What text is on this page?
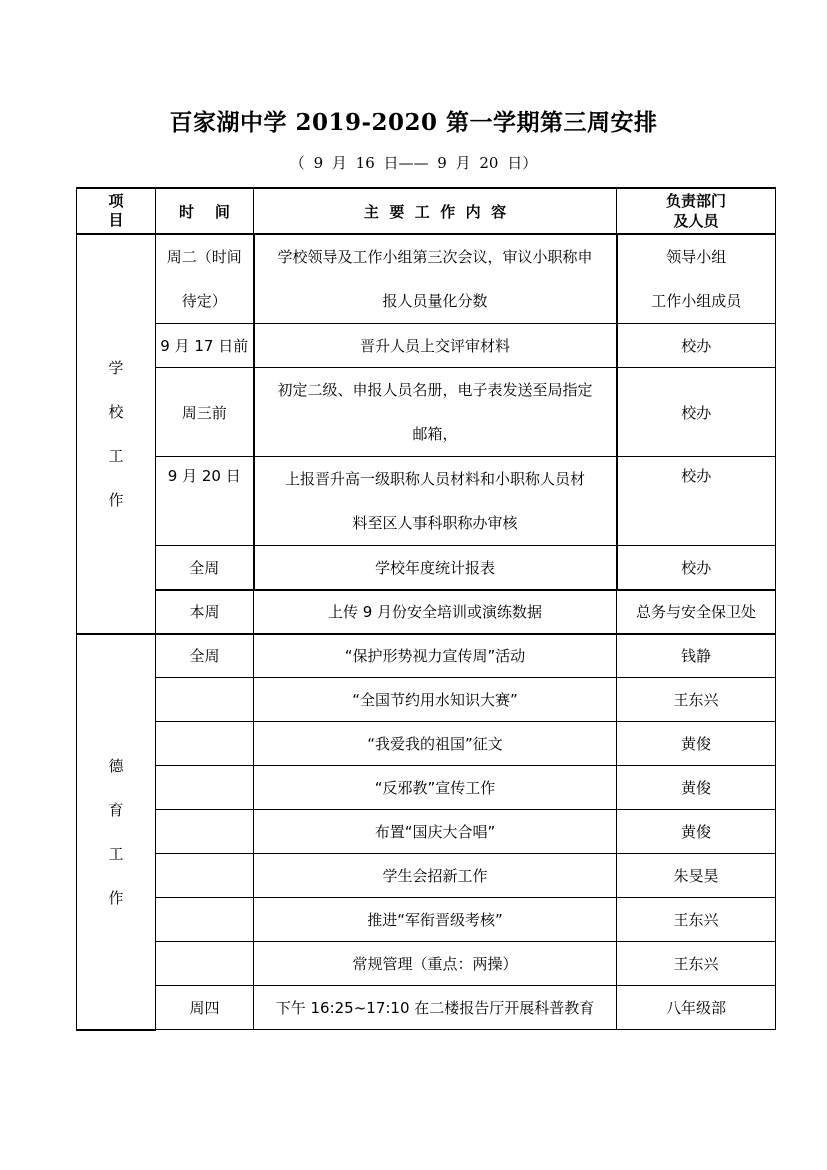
百家湖中学 2019-2020 第一学期第三周安排
（ 9 月 16 日—— 9 月 20 日）
项
目	时    间	主  要  工  作  内  容	负责部门
及人员

学校工作	周二（时间
待定）	学校领导及工作小组第三次会议，审议小职称申
报人员量化分数	领导小组
工作小组成员

	9 月 17 日前	晋升人员上交评审材料	校办
	周三前	初定二级、申报人员名册，电子表发送至局指定
邮箱，	校办
	9 月 20 日	上报晋升高一级职称人员材料和小职称人员材
料至区人事科职称办审核	校办
	全周	学校年度统计报表	校办
	本周	上传 9 月份安全培训或演练数据	总务与安全保卫处
德育工作	全周	“保护形势视力宣传周”活动	钱静
		“全国节约用水知识大赛”	王东兴
		“我爱我的祖国”征文	黄俊
		“反邪教”宣传工作	黄俊
		布置“国庆大合唱”	黄俊
		学生会招新工作	朱旻昊
		推进“军衔晋级考核”	王东兴
		常规管理（重点：两操）	王东兴
	周四	下午 16:25~17:10 在二楼报告厅开展科普教育	八年级部
